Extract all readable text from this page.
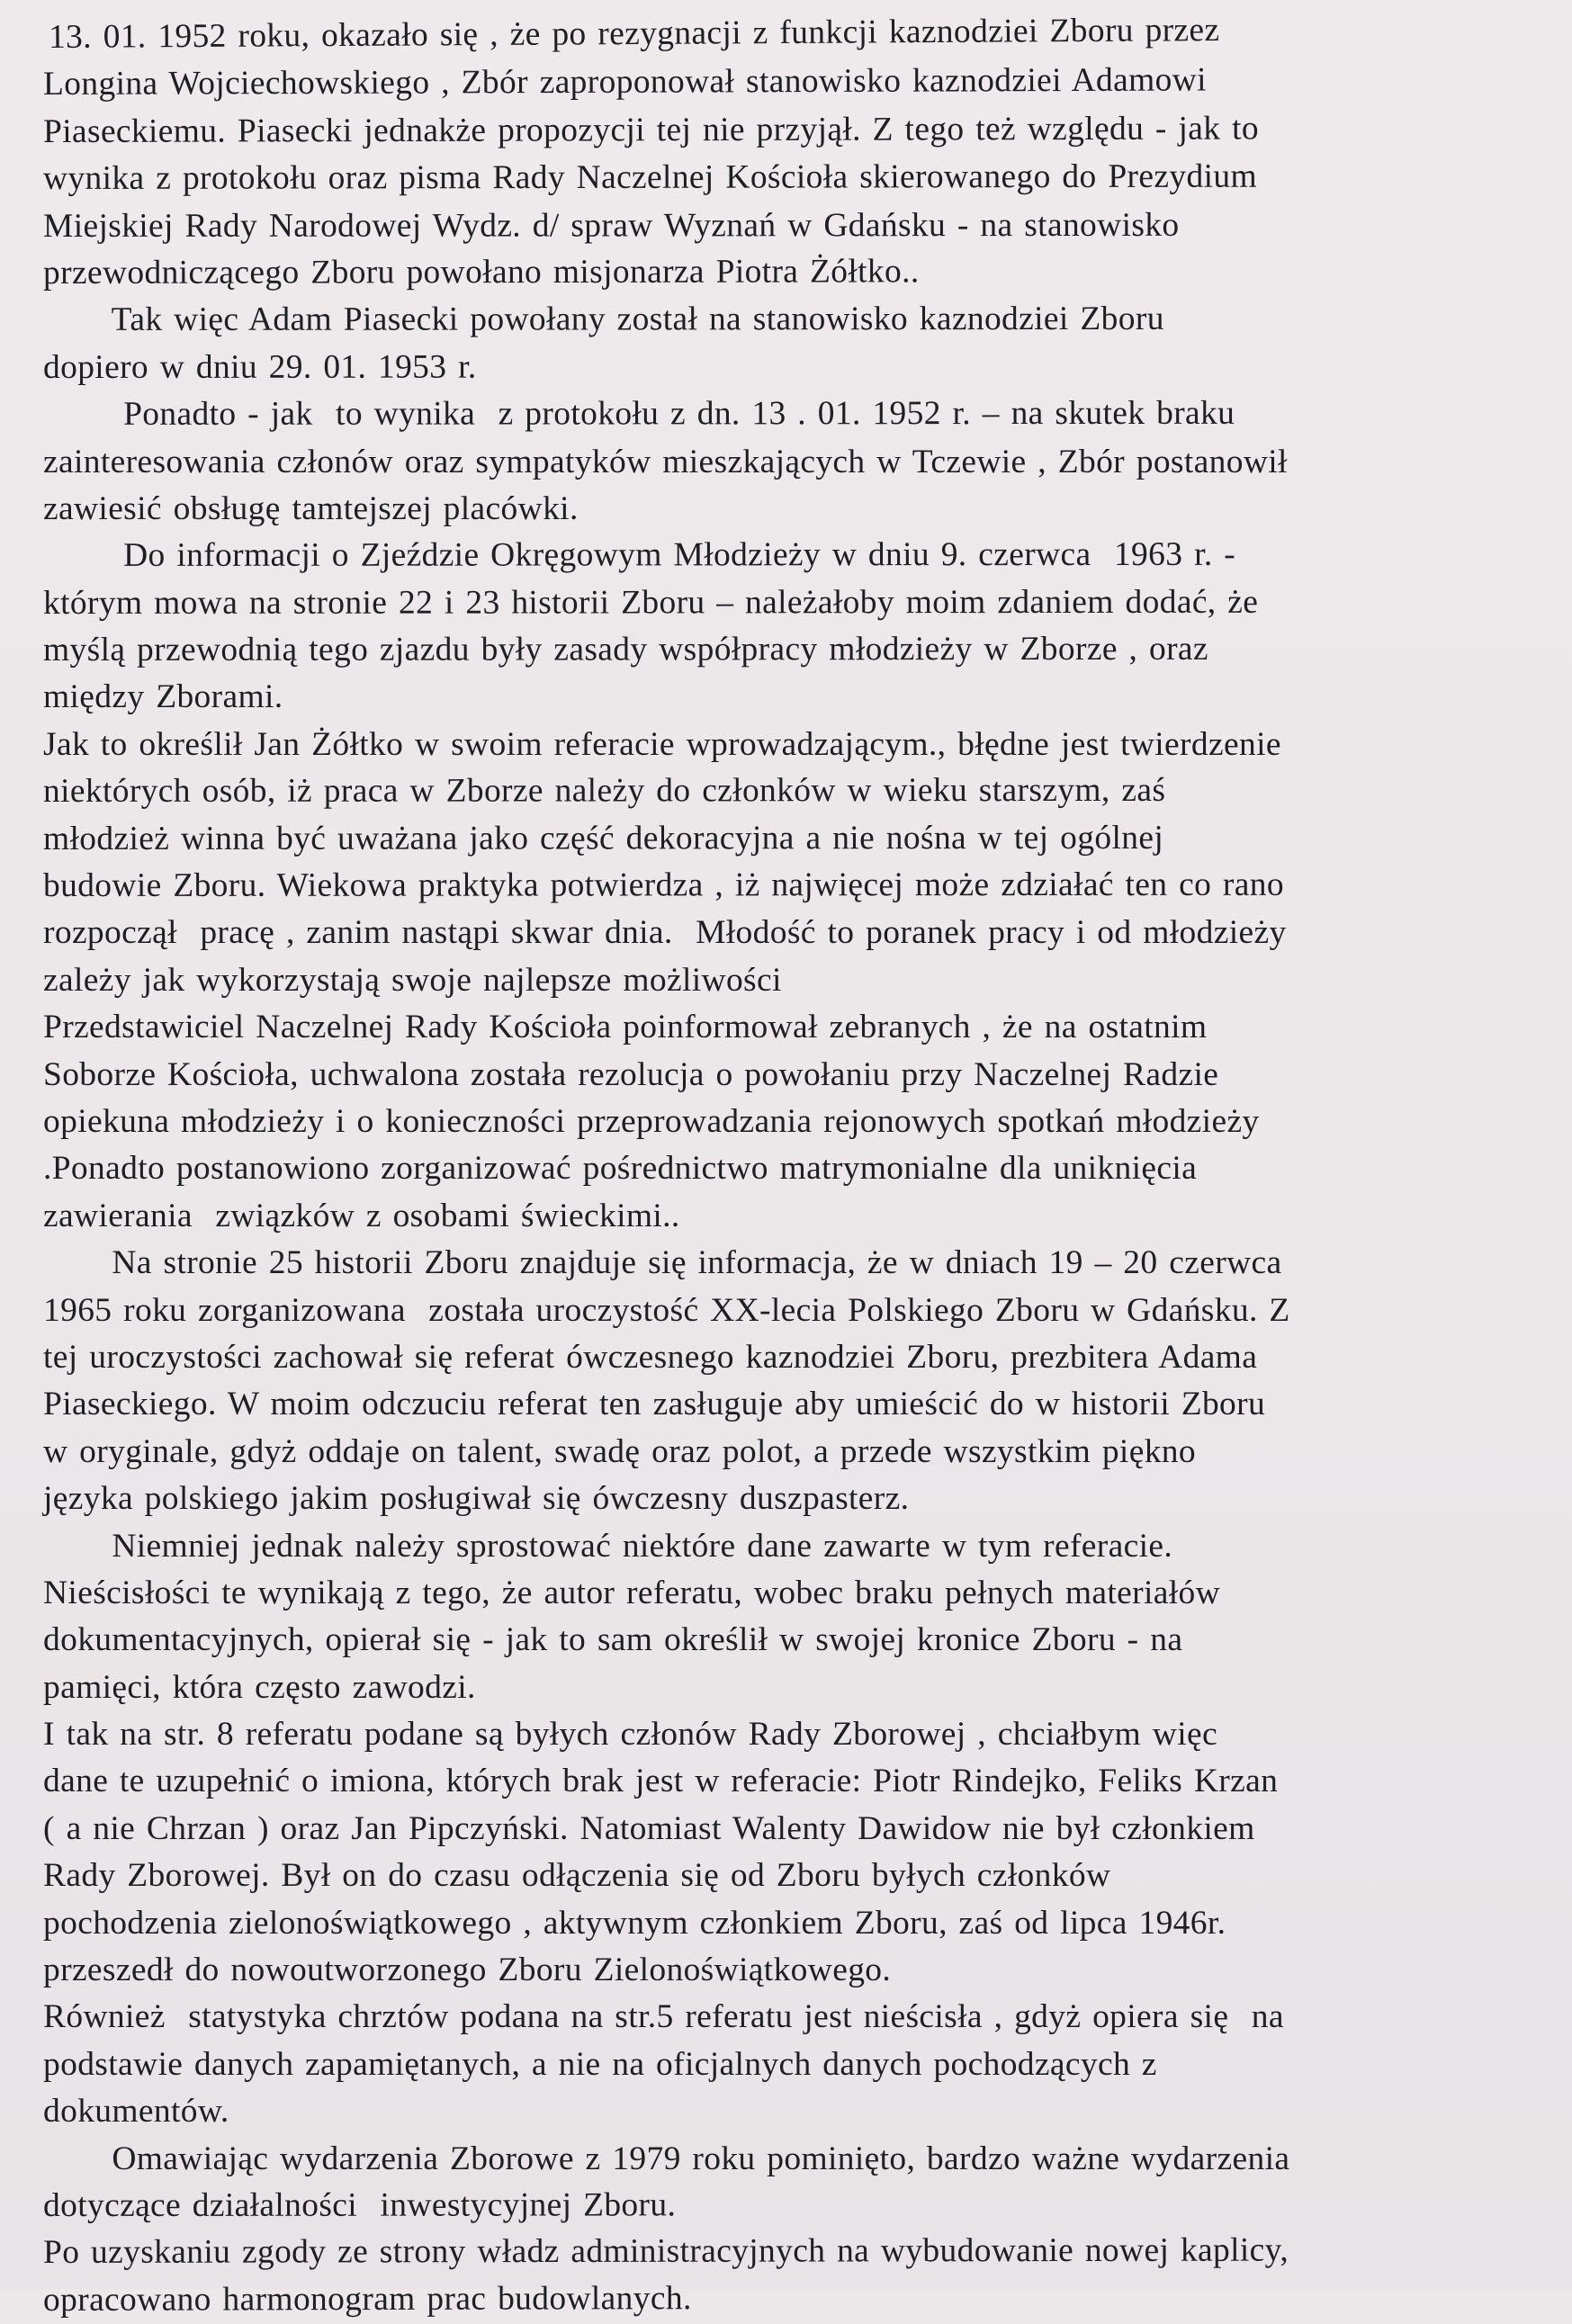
13. 01. 1952 roku, okazało się , że po rezygnacji z funkcji kaznodziei Zboru przez
Longina Wojciechowskiego , Zbór zaproponował stanowisko kaznodziei Adamowi
Piaseckiemu. Piasecki jednakże propozycji tej nie przyjął. Z tego też względu - jak to
wynika z protokołu oraz pisma Rady Naczelnej Kościoła skierowanego do Prezydium
Miejskiej Rady Narodowej Wydz. d/ spraw Wyznań w Gdańsku - na stanowisko
przewodniczącego Zboru powołano misjonarza Piotra Żółtko..
Tak więc Adam Piasecki powołany został na stanowisko kaznodziei Zboru
dopiero w dniu 29. 01. 1953 r.
Ponadto - jak  to wynika  z protokołu z dn. 13 . 01. 1952 r. – na skutek braku
zainteresowania członów oraz sympatyków mieszkających w Tczewie , Zbór postanowił
zawiesić obsługę tamtejszej placówki.
Do informacji o Zjeździe Okręgowym Młodzieży w dniu 9. czerwca  1963 r. -
którym mowa na stronie 22 i 23 historii Zboru – należałoby moim zdaniem dodać, że
myślą przewodnią tego zjazdu były zasady współpracy młodzieży w Zborze , oraz
między Zborami.
Jak to określił Jan Żółtko w swoim referacie wprowadzającym., błędne jest twierdzenie
niektórych osób, iż praca w Zborze należy do członków w wieku starszym, zaś
młodzież winna być uważana jako część dekoracyjna a nie nośna w tej ogólnej
budowie Zboru. Wiekowa praktyka potwierdza , iż najwięcej może zdziałać ten co rano
rozpoczął  pracę , zanim nastąpi skwar dnia.  Młodość to poranek pracy i od młodzieży
zależy jak wykorzystają swoje najlepsze możliwości
Przedstawiciel Naczelnej Rady Kościoła poinformował zebranych , że na ostatnim
Soborze Kościoła, uchwalona została rezolucja o powołaniu przy Naczelnej Radzie
opiekuna młodzieży i o konieczności przeprowadzania rejonowych spotkań młodzieży
.Ponadto postanowiono zorganizować pośrednictwo matrymonialne dla uniknięcia
zawierania  związków z osobami świeckimi..
Na stronie 25 historii Zboru znajduje się informacja, że w dniach 19 – 20 czerwca
1965 roku zorganizowana  została uroczystość XX-lecia Polskiego Zboru w Gdańsku. Z
tej uroczystości zachował się referat ówczesnego kaznodziei Zboru, prezbitera Adama
Piaseckiego. W moim odczuciu referat ten zasługuje aby umieścić do w historii Zboru
w oryginale, gdyż oddaje on talent, swadę oraz polot, a przede wszystkim piękno
języka polskiego jakim posługiwał się ówczesny duszpasterz.
Niemniej jednak należy sprostować niektóre dane zawarte w tym referacie.
Nieścisłości te wynikają z tego, że autor referatu, wobec braku pełnych materiałów
dokumentacyjnych, opierał się - jak to sam określił w swojej kronice Zboru - na
pamięci, która często zawodzi.
I tak na str. 8 referatu podane są byłych członów Rady Zborowej , chciałbym więc
dane te uzupełnić o imiona, których brak jest w referacie: Piotr Rindejko, Feliks Krzan
( a nie Chrzan ) oraz Jan Pipczyński. Natomiast Walenty Dawidow nie był członkiem
Rady Zborowej. Był on do czasu odłączenia się od Zboru byłych członków
pochodzenia zielonoświątkowego , aktywnym członkiem Zboru, zaś od lipca 1946r.
przeszedł do nowoutworzonego Zboru Zielonoświątkowego.
Również  statystyka chrztów podana na str.5 referatu jest nieścisła , gdyż opiera się  na
podstawie danych zapamiętanych, a nie na oficjalnych danych pochodzących z
dokumentów.
Omawiając wydarzenia Zborowe z 1979 roku pominięto, bardzo ważne wydarzenia
dotyczące działalności  inwestycyjnej Zboru.
Po uzyskaniu zgody ze strony władz administracyjnych na wybudowanie nowej kaplicy,
opracowano harmonogram prac budowlanych.
